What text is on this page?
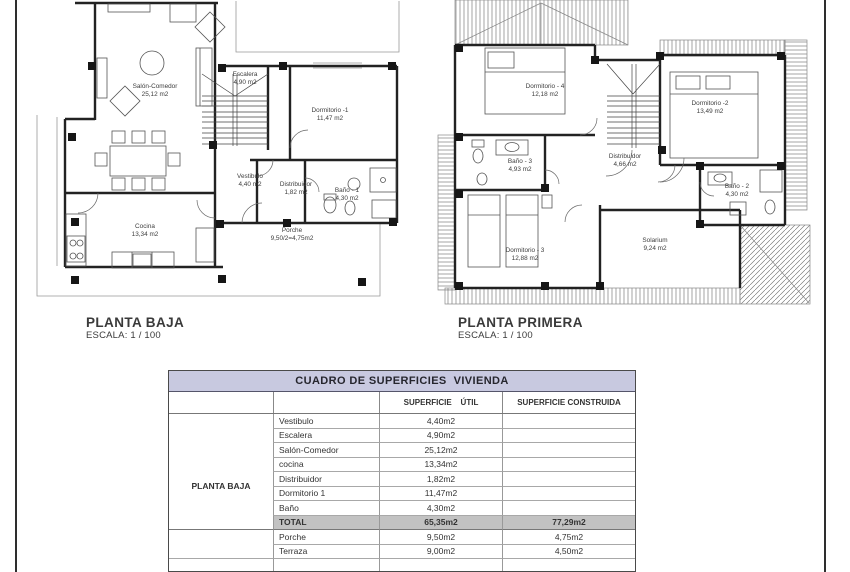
Salón-Comedor
25,12 m2
Escalera
4,90 m2
Dormitorio -1
11,47 m2
Vestibulo
4,40 m2	Distribuidor
1,82 m2	Baño - 1
4,30 m2
Cocina
13,34 m2
Porche
9,50/2=4,75m2
Dormitorio - 4
12,18 m2
Dormitorio -2
13,49 m2
Baño - 3
4,93 m2
Distribuidor
4,66 m2
Baño - 2
4,30 m2
Dormitorio - 3
12,88 m2
Solarium
9,24 m2
PLANTA BAJA
ESCALA: 1 / 100
PLANTA PRIMERA
ESCALA: 1 / 100
CUADRO DE SUPERFICIES  VIVIENDA
SUPERFICIE    ÚTIL	SUPERFICIE CONSTRUIDA
PLANTA BAJA
Vestibulo	4,40m2
Escalera	4,90m2
Salón-Comedor	25,12m2
cocina	13,34m2
Distribuidor	1,82m2
Dormitorio 1	11,47m2
Baño	4,30m2
TOTAL	65,35m2	77,29m2
Porche	9,50m2	4,75m2
Terraza	9,00m2	4,50m2
